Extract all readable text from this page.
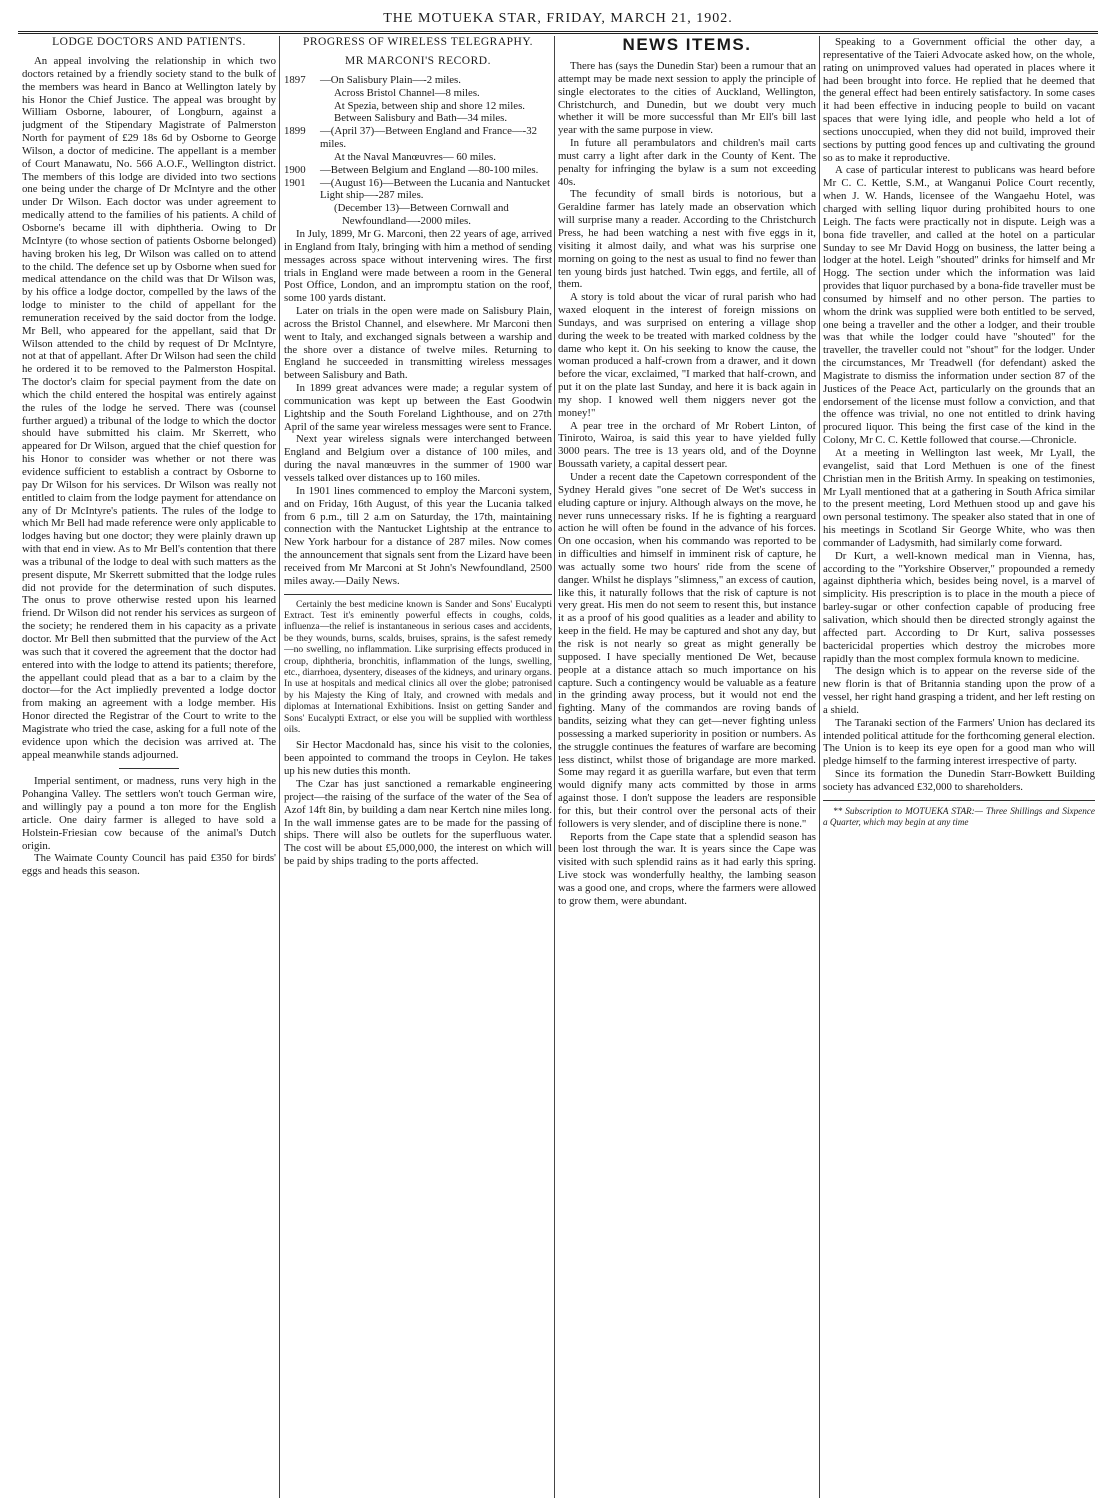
THE MOTUEKA STAR, FRIDAY, MARCH 21, 1902.
LODGE DOCTORS AND PATIENTS.

An appeal involving the relationship in which two doctors retained by a friendly society stand to the bulk of the members was heard in Banco at Wellington lately by his Honor the Chief Justice. The appeal was brought by William Osborne, labourer, of Longburn, against a judgment of the Stipendary Magistrate of Palmerston North for payment of £29 18s 6d by Osborne to George Wilson, a doctor of medicine. The appellant is a member of Court Manawatu, No. 566 A.O.F., Wellington district. The members of this lodge are divided into two sections one being under the charge of Dr McIntyre and the other under Dr Wilson. Each doctor was under agreement to medically attend to the families of his patients. A child of Osborne's became ill with diphtheria. Owing to Dr McIntyre (to whose section of patients Osborne belonged) having broken his leg, Dr Wilson was called on to attend to the child. The defence set up by Osborne when sued for medical attendance on the child was that Dr Wilson was, by his office a lodge doctor, compelled by the laws of the lodge to minister to the child of appellant for the remuneration received by the said doctor from the lodge. Mr Bell, who appeared for the appellant, said that Dr Wilson attended to the child by request of Dr McIntyre, not at that of appellant. After Dr Wilson had seen the child he ordered it to be removed to the Palmerston Hospital. The doctor's claim for special payment from the date on which the child entered the hospital was entirely against the rules of the lodge he served. There was (counsel further argued) a tribunal of the lodge to which the doctor should have submitted his claim. Mr Skerrett, who appeared for Dr Wilson, argued that the chief question for his Honor to consider was whether or not there was evidence sufficient to establish a contract by Osborne to pay Dr Wilson for his services. Dr Wilson was really not entitled to claim from the lodge payment for attendance on any of Dr McIntyre's patients. The rules of the lodge to which Mr Bell had made reference were only applicable to lodges having but one doctor; they were plainly drawn up with that end in view. As to Mr Bell's contention that there was a tribunal of the lodge to deal with such matters as the present dispute, Mr Skerrett submitted that the lodge rules did not provide for the determination of such disputes. The onus to prove otherwise rested upon his learned friend. Dr Wilson did not render his services as surgeon of the society; he rendered them in his capacity as a private doctor. Mr Bell then submitted that the purview of the Act was such that it covered the agreement that the doctor had entered into with the lodge to attend its patients; therefore, the appellant could plead that as a bar to a claim by the doctor—for the Act impliedly prevented a lodge doctor from making an agreement with a lodge member. His Honor directed the Registrar of the Court to write to the Magistrate who tried the case, asking for a full note of the evidence upon which the decision was arrived at. The appeal meanwhile stands adjourned.

Imperial sentiment, or madness, runs very high in the Pohangina Valley. The settlers won't touch German wire, and willingly pay a pound a ton more for the English article. One dairy farmer is alleged to have sold a Holstein-Friesian cow because of the animal's Dutch origin.

The Waimate County Council has paid £350 for birds' eggs and heads this season.

PROGRESS OF WIRELESS TELEGRAPHY.
MR MARCONI'S RECORD.
1897	—On Salisbury Plain—-2 miles.
Across Bristol Channel—8 miles.
At Spezia, between ship and shore 12 miles.
Between Salisbury and Bath—34 miles.
1899	—(April 37)—Between England and France—-32 miles.
At the Naval Manœuvres— 60 miles.
1900	—Between Belgium and England —80-100 miles.
1901	—(August 16)—Between the Lucania and Nantucket Light ship—-287 miles.
(December 13)—Between Cornwall and Newfoundland—-2000 miles.

In July, 1899, Mr G. Marconi, then 22 years of age, arrived in England from Italy, bringing with him a method of sending messages across space without intervening wires. The first trials in England were made between a room in the General Post Office, London, and an impromptu station on the roof, some 100 yards distant.

Later on trials in the open were made on Salisbury Plain, across the Bristol Channel, and elsewhere. Mr Marconi then went to Italy, and exchanged signals between a warship and the shore over a distance of twelve miles. Returning to England he succeeded in transmitting wireless messages between Salisbury and Bath.

In 1899 great advances were made; a regular system of communication was kept up between the East Goodwin Lightship and the South Foreland Lighthouse, and on 27th April of the same year wireless messages were sent to France.

Next year wireless signals were interchanged between England and Belgium over a distance of 100 miles, and during the naval manœuvres in the summer of 1900 war vessels talked over distances up to 160 miles.

In 1901 lines commenced to employ the Marconi system, and on Friday, 16th August, of this year the Lucania talked from 6 p.m., till 2 a.m on Saturday, the 17th, maintaining connection with the Nantucket Lightship at the entrance to New York harbour for a distance of 287 miles. Now comes the announcement that signals sent from the Lizard have been received from Mr Marconi at St John's Newfoundland, 2500 miles away.—Daily News.

Certainly the best medicine known is Sander and Sons' Eucalypti Extract. Test it's eminently powerful effects in coughs, colds, influenza—the relief is instantaneous in serious cases and accidents, be they wounds, burns, scalds, bruises, sprains, is the safest remedy—no swelling, no inflammation. Like surprising effects produced in croup, diphtheria, bronchitis, inflammation of the lungs, swelling, etc., diarrhoea, dysentery, diseases of the kidneys, and urinary organs. In use at hospitals and medical clinics all over the globe; patronised by his Majesty the King of Italy, and crowned with medals and diplomas at International Exhibitions. Insist on getting Sander and Sons' Eucalypti Extract, or else you will be supplied with worthless oils.

Sir Hector Macdonald has, since his visit to the colonies, been appointed to command the troops in Ceylon. He takes up his new duties this month.

The Czar has just sanctioned a remarkable engineering project—the raising of the surface of the water of the Sea of Azof 14ft 8in, by building a dam near Kertch nine miles long. In the wall immense gates are to be made for the passing of ships. There will also be outlets for the superfluous water. The cost will be about £5,000,000, the interest on which will be paid by ships trading to the ports affected.

NEWS ITEMS.

There has (says the Dunedin Star) been a rumour that an attempt may be made next session to apply the principle of single electorates to the cities of Auckland, Wellington, Christchurch, and Dunedin, but we doubt very much whether it will be more successful than Mr Ell's bill last year with the same purpose in view.

In future all perambulators and children's mail carts must carry a light after dark in the County of Kent. The penalty for infringing the bylaw is a sum not exceeding 40s.

The fecundity of small birds is notorious, but a Geraldine farmer has lately made an observation which will surprise many a reader. According to the Christchurch Press, he had been watching a nest with five eggs in it, visiting it almost daily, and what was his surprise one morning on going to the nest as usual to find no fewer than ten young birds just hatched. Twin eggs, and fertile, all of them.

A story is told about the vicar of rural parish who had waxed eloquent in the interest of foreign missions on Sundays, and was surprised on entering a village shop during the week to be treated with marked coldness by the dame who kept it. On his seeking to know the cause, the woman produced a half-crown from a drawer, and it down before the vicar, exclaimed, "I marked that half-crown, and put it on the plate last Sunday, and here it is back again in my shop. I knowed well them niggers never got the money!"

A pear tree in the orchard of Mr Robert Linton, of Tiniroto, Wairoa, is said this year to have yielded fully 3000 pears. The tree is 13 years old, and of the Doynne Boussath variety, a capital dessert pear.

Under a recent date the Capetown correspondent of the Sydney Herald gives "one secret of De Wet's success in eluding capture or injury. Although always on the move, he never runs unnecessary risks. If he is fighting a rearguard action he will often be found in the advance of his forces. On one occasion, when his commando was reported to be in difficulties and himself in imminent risk of capture, he was actually some two hours' ride from the scene of danger. Whilst he displays "slimness," an excess of caution, like this, it naturally follows that the risk of capture is not very great. His men do not seem to resent this, but instance it as a proof of his good qualities as a leader and ability to keep in the field. He may be captured and shot any day, but the risk is not nearly so great as might generally be supposed. I have specially mentioned De Wet, because people at a distance attach so much importance on his capture. Such a contingency would be valuable as a feature in the grinding away process, but it would not end the fighting. Many of the commandos are roving bands of bandits, seizing what they can get—never fighting unless possessing a marked superiority in position or numbers. As the struggle continues the features of warfare are becoming less distinct, whilst those of brigandage are more marked. Some may regard it as guerilla warfare, but even that term would dignify many acts committed by those in arms against those. I don't suppose the leaders are responsible for this, but their control over the personal acts of their followers is very slender, and of discipline there is none."

Reports from the Cape state that a splendid season has been lost through the war. It is years since the Cape was visited with such splendid rains as it had early this spring. Live stock was wonderfully healthy, the lambing season was a good one, and crops, where the farmers were allowed to grow them, were abundant.

Speaking to a Government official the other day, a representative of the Taieri Advocate asked how, on the whole, rating on unimproved values had operated in places where it had been brought into force. He replied that he deemed that the general effect had been entirely satisfactory. In some cases it had been effective in inducing people to build on vacant spaces that were lying idle, and people who held a lot of sections unoccupied, when they did not build, improved their sections by putting good fences up and cultivating the ground so as to make it reproductive.

A case of particular interest to publicans was heard before Mr C. C. Kettle, S.M., at Wanganui Police Court recently, when J. W. Hands, licensee of the Wangaehu Hotel, was charged with selling liquor during prohibited hours to one Leigh. The facts were practically not in dispute. Leigh was a bona fide traveller, and called at the hotel on a particular Sunday to see Mr David Hogg on business, the latter being a lodger at the hotel. Leigh "shouted" drinks for himself and Mr Hogg. The section under which the information was laid provides that liquor purchased by a bona-fide traveller must be consumed by himself and no other person. The parties to whom the drink was supplied were both entitled to be served, one being a traveller and the other a lodger, and their trouble was that while the lodger could have "shouted" for the traveller, the traveller could not "shout" for the lodger. Under the circumstances, Mr Treadwell (for defendant) asked the Magistrate to dismiss the information under section 87 of the Justices of the Peace Act, particularly on the grounds that an endorsement of the license must follow a conviction, and that the offence was trivial, no one not entitled to drink having procured liquor. This being the first case of the kind in the Colony, Mr C. C. Kettle followed that course.—Chronicle.

At a meeting in Wellington last week, Mr Lyall, the evangelist, said that Lord Methuen is one of the finest Christian men in the British Army. In speaking on testimonies, Mr Lyall mentioned that at a gathering in South Africa similar to the present meeting, Lord Methuen stood up and gave his own personal testimony. The speaker also stated that in one of his meetings in Scotland Sir George White, who was then commander of Ladysmith, had similarly come forward.

Dr Kurt, a well-known medical man in Vienna, has, according to the "Yorkshire Observer," propounded a remedy against diphtheria which, besides being novel, is a marvel of simplicity. His prescription is to place in the mouth a piece of barley-sugar or other confection capable of producing free salivation, which should then be directed strongly against the affected part. According to Dr Kurt, saliva possesses bactericidal properties which destroy the microbes more rapidly than the most complex formula known to medicine.

The design which is to appear on the reverse side of the new florin is that of Britannia standing upon the prow of a vessel, her right hand grasping a trident, and her left resting on a shield.

The Taranaki section of the Farmers' Union has declared its intended political attitude for the forthcoming general election. The Union is to keep its eye open for a good man who will pledge himself to the farming interest irrespective of party.

Since its formation the Dunedin Starr-Bowkett Building society has advanced £32,000 to shareholders.

** Subscription to MOTUEKA STAR:— Three Shillings and Sixpence a Quarter, which may begin at any time
